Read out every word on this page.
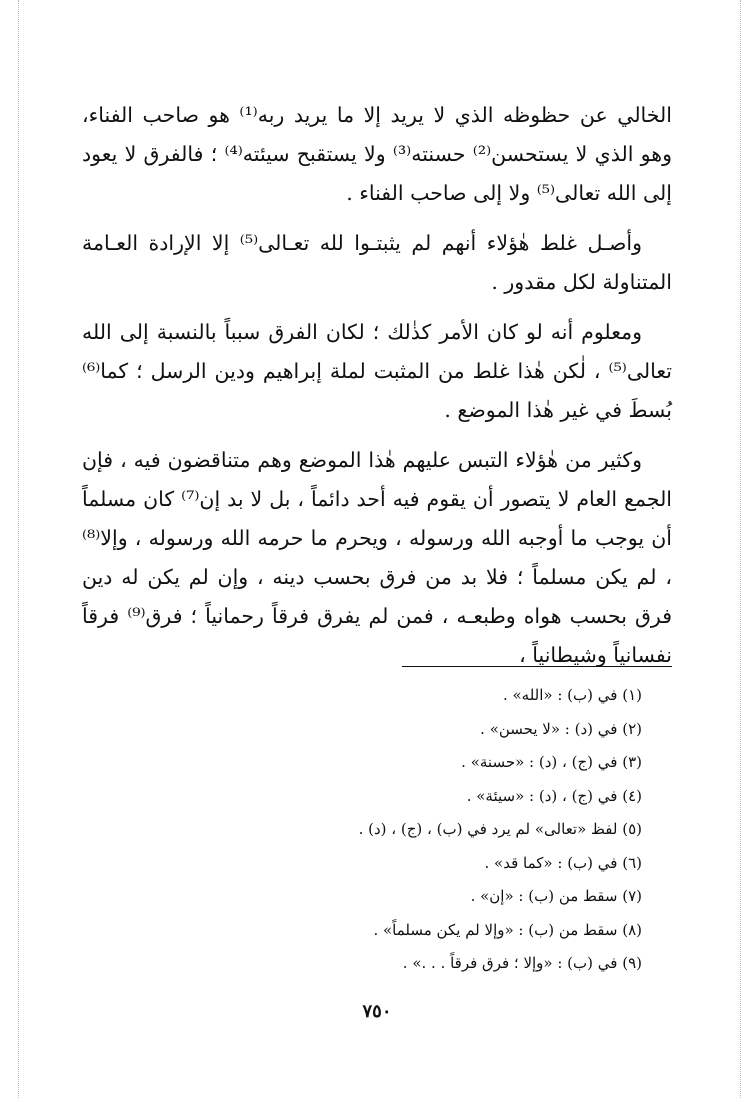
الخالي عن حظوظه الذي لا يريد إلا ما يريد ربه⁽¹⁾ هو صاحب الفناء، وهو الذي لا يستحسن⁽²⁾ حسنته⁽³⁾ ولا يستقبح سيئته⁽⁴⁾ ؛ فالفرق لا يعود إلى الله تعالى⁽⁵⁾ ولا إلى صاحب الفناء .

وأصـل غلط هٰؤلاء أنهم لم يثبتـوا لله تعـالى⁽⁵⁾ إلا الإرادة العـامة المتناولة لكل مقدور .

ومعلوم أنه لو كان الأمر كذٰلك ؛ لكان الفرق سبباً بالنسبة إلى الله تعالى⁽⁵⁾ ، لٰكن هٰذا غلط من المثبت لملة إبراهيم ودين الرسل ؛ كما⁽⁶⁾ بُسطَ في غير هٰذا الموضع .

وكثير من هٰؤلاء التبس عليهم هٰذا الموضع وهم متناقضون فيه ، فإن الجمع العام لا يتصور أن يقوم فيه أحد دائماً ، بل لا بد إن⁽⁷⁾ كان مسلماً أن يوجب ما أوجبه الله ورسوله ، ويحرم ما حرمه الله ورسوله ، وإلا⁽⁸⁾ ، لم يكن مسلماً ؛ فلا بد من فرق بحسب دينه ، وإن لم يكن له دين فرق بحسب هواه وطبعـه ، فمن لم يفرق فرقاً رحمانياً ؛ فرق⁽⁹⁾ فرقاً نفسانياً وشيطانياً ،

(١) في (ب) : «الله» .
(٢) في (د) : «لا يحسن» .
(٣) في (ج) ، (د) : «حسنة» .
(٤) في (ج) ، (د) : «سيئة» .
(٥) لفظ «تعالى» لم يرد في (ب) ، (ج) ، (د) .
(٦) في (ب) : «كما قد» .
(٧) سقط من (ب) : «إن» .
(٨) سقط من (ب) : «وإلا لم يكن مسلماً» .
(٩) في (ب) : «وإلا ؛ فرق فرقاً . . .» .
٧٥٠
